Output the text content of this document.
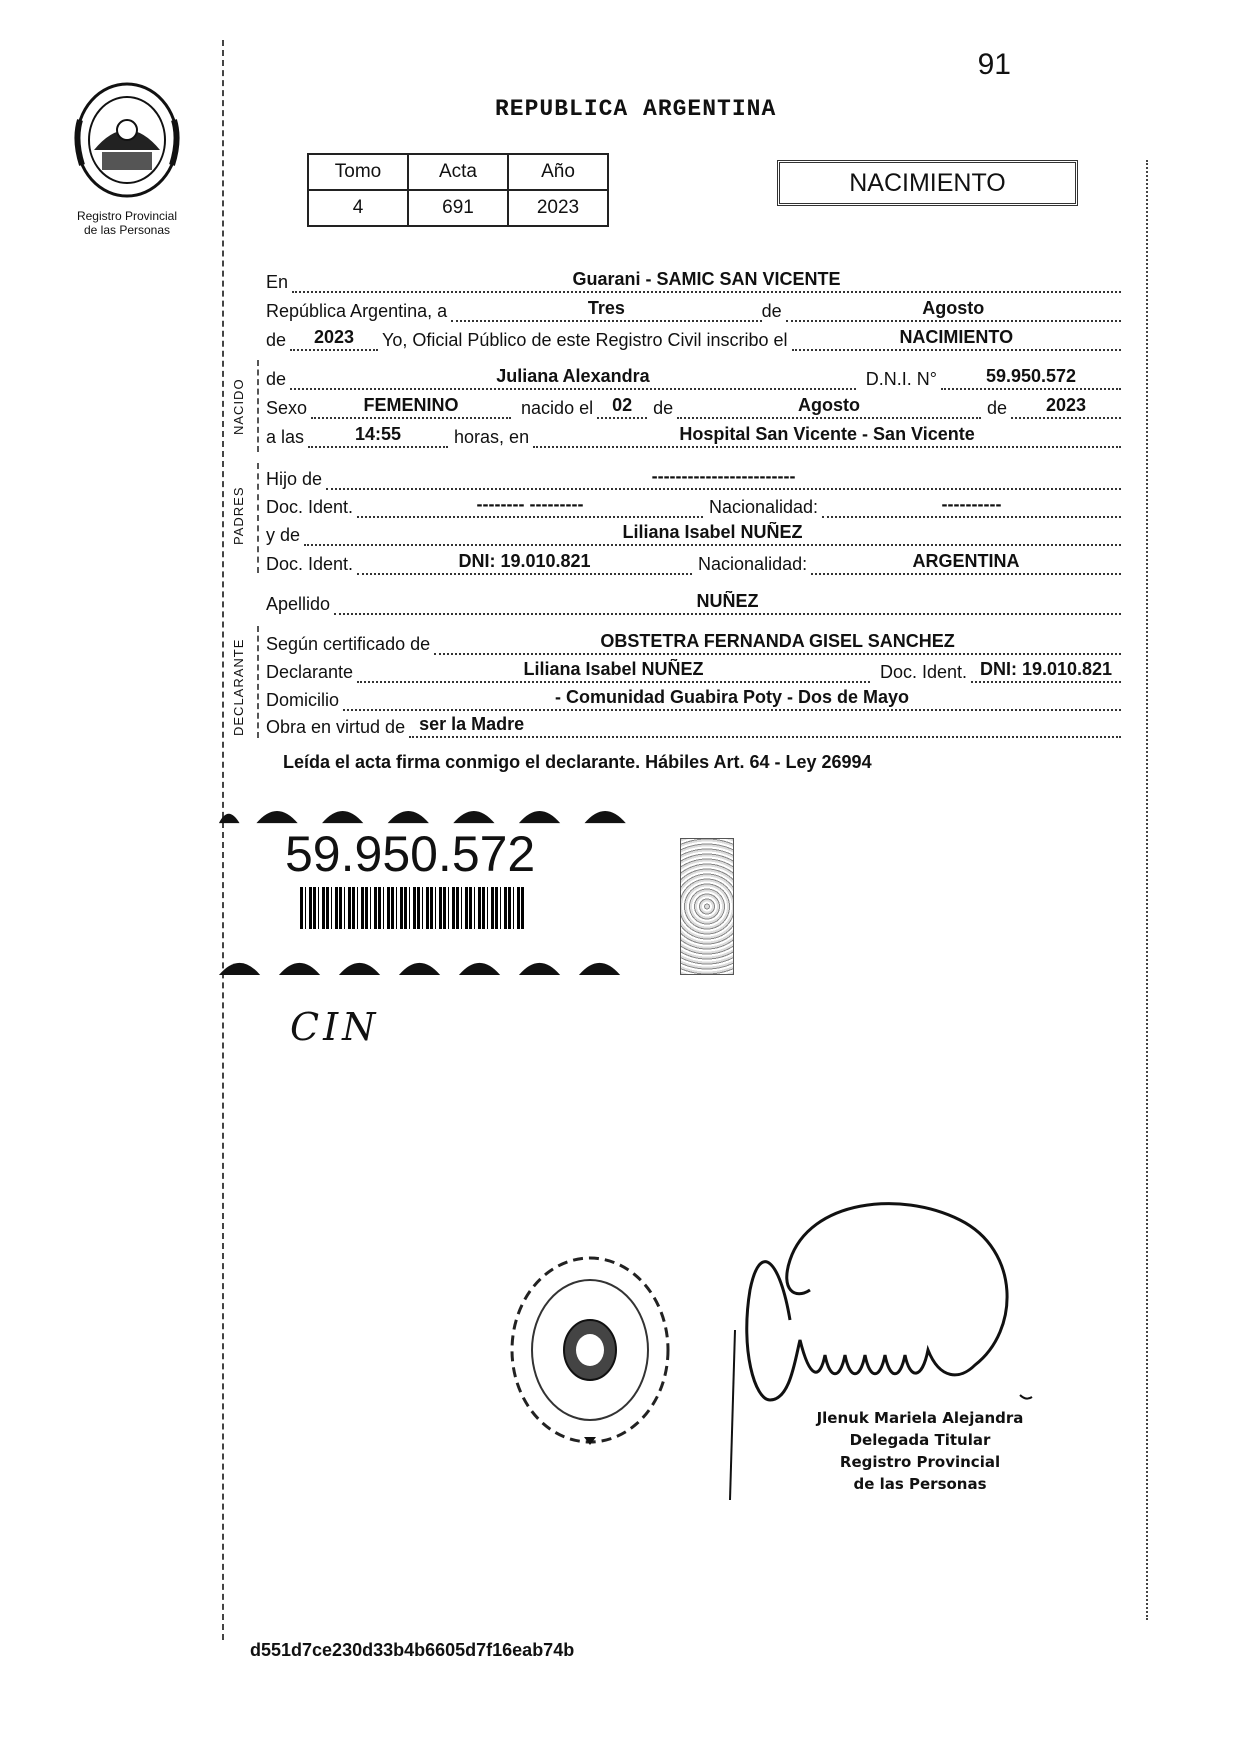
91
Registro Provincial
de las Personas
REPUBLICA ARGENTINA
Tomo	Acta	Año
4	691	2023
NACIMIENTO
NACIDO
PADRES
DECLARANTE
En	Guarani - SAMIC SAN VICENTE
República Argentina, a	Tres	de	Agosto
de	2023	Yo, Oficial Público de este Registro Civil inscribo el	NACIMIENTO
de	Juliana Alexandra	D.N.I. N°	59.950.572
Sexo	FEMENINO	nacido el	02	de	Agosto	de	2023
a las	14:55	horas, en	Hospital San Vicente - San Vicente
Hijo de	------------------------
Doc. Ident.	-------- ---------	Nacionalidad:	----------
y de	Liliana Isabel NUÑEZ
Doc. Ident.	DNI: 19.010.821	Nacionalidad:	ARGENTINA
Apellido	NUÑEZ
Según certificado de	OBSTETRA FERNANDA GISEL SANCHEZ
Declarante	Liliana Isabel NUÑEZ	Doc. Ident. DNI: 19.010.821
Domicilio	- Comunidad Guabira Poty - Dos de Mayo
Obra en virtud de ser la Madre
Leída el acta firma conmigo el declarante. Hábiles Art. 64 - Ley 26994
59.950.572
CIN
Jlenuk Mariela Alejandra
Delegada Titular
Registro Provincial
de las Personas
d551d7ce230d33b4b6605d7f16eab74b
